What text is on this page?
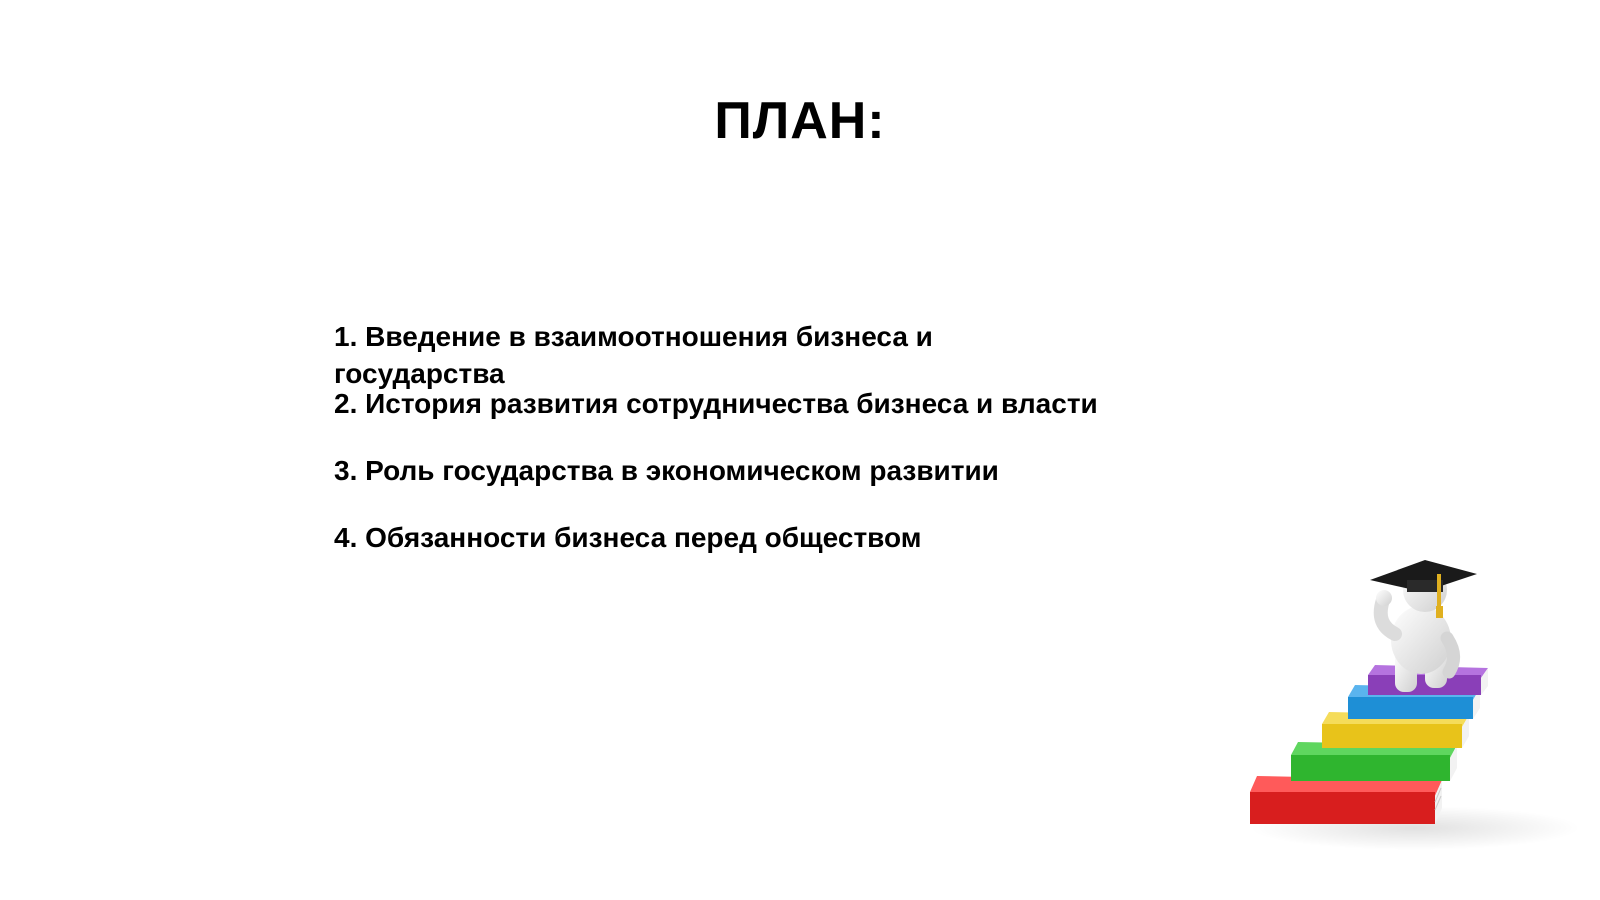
ПЛАН:
1. Введение в взаимоотношения бизнеса и государства
2. История развития сотрудничества бизнеса и власти
3. Роль государства в экономическом развитии
4. Обязанности бизнеса перед обществом
